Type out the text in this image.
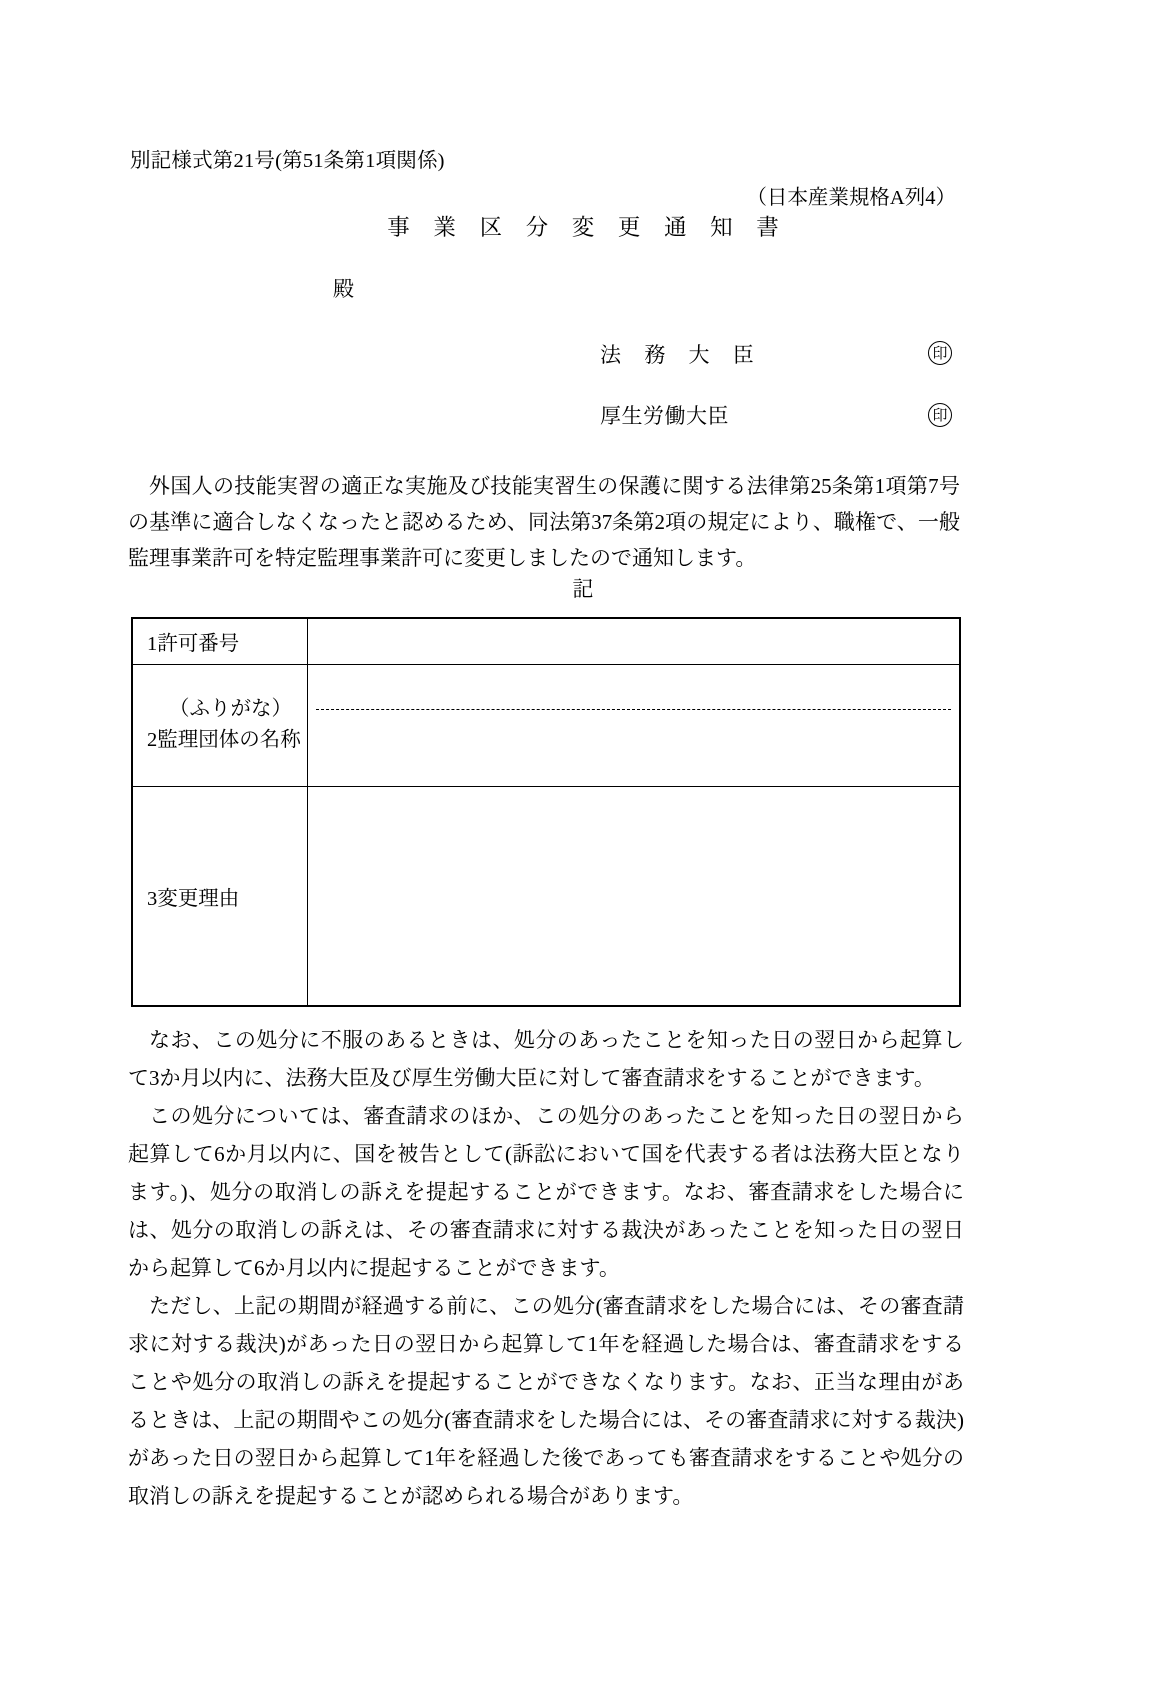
別記様式第21号(第51条第1項関係)
（日本産業規格A列4）
事 業 区 分 変 更 通 知 書
殿
法 務 大 臣	印
厚生労働大臣	印
外国人の技能実習の適正な実施及び技能実習生の保護に関する法律第25条第1項第7号の基準に適合しなくなったと認めるため、同法第37条第2項の規定により、職権で、一般監理事業許可を特定監理事業許可に変更しましたので通知します。
記
1許可番号	

（ふりがな）
2監理団体の名称	

3変更理由	

なお、この処分に不服のあるときは、処分のあったことを知った日の翌日から起算して3か月以内に、法務大臣及び厚生労働大臣に対して審査請求をすることができます。

この処分については、審査請求のほか、この処分のあったことを知った日の翌日から起算して6か月以内に、国を被告として(訴訟において国を代表する者は法務大臣となります。)、処分の取消しの訴えを提起することができます。なお、審査請求をした場合には、処分の取消しの訴えは、その審査請求に対する裁決があったことを知った日の翌日から起算して6か月以内に提起することができます。

ただし、上記の期間が経過する前に、この処分(審査請求をした場合には、その審査請求に対する裁決)があった日の翌日から起算して1年を経過した場合は、審査請求をすることや処分の取消しの訴えを提起することができなくなります。なお、正当な理由があるときは、上記の期間やこの処分(審査請求をした場合には、その審査請求に対する裁決)があった日の翌日から起算して1年を経過した後であっても審査請求をすることや処分の取消しの訴えを提起することが認められる場合があります。
